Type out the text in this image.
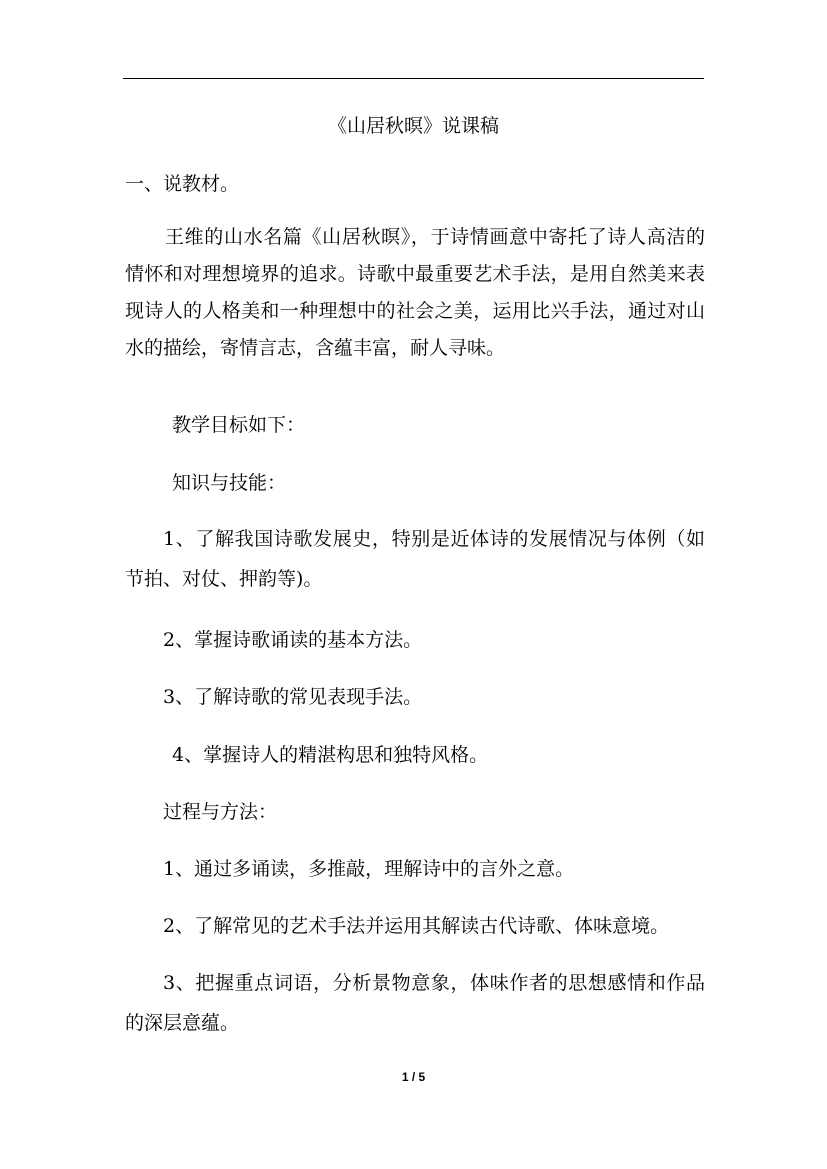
《山居秋暝》说课稿

一、说教材。

王维的山水名篇《山居秋暝》，于诗情画意中寄托了诗人高洁的情怀和对理想境界的追求。诗歌中最重要艺术手法，是用自然美来表现诗人的人格美和一种理想中的社会之美，运用比兴手法，通过对山水的描绘，寄情言志，含蕴丰富，耐人寻味。

教学目标如下：

知识与技能：

1、了解我国诗歌发展史，特别是近体诗的发展情况与体例（如节拍、对仗、押韵等)。

2、掌握诗歌诵读的基本方法。

3、了解诗歌的常见表现手法。

4、掌握诗人的精湛构思和独特风格。

过程与方法：

1、通过多诵读，多推敲，理解诗中的言外之意。

2、了解常见的艺术手法并运用其解读古代诗歌、体味意境。

3、把握重点词语，分析景物意象，体味作者的思想感情和作品的深层意蕴。

1 / 5
